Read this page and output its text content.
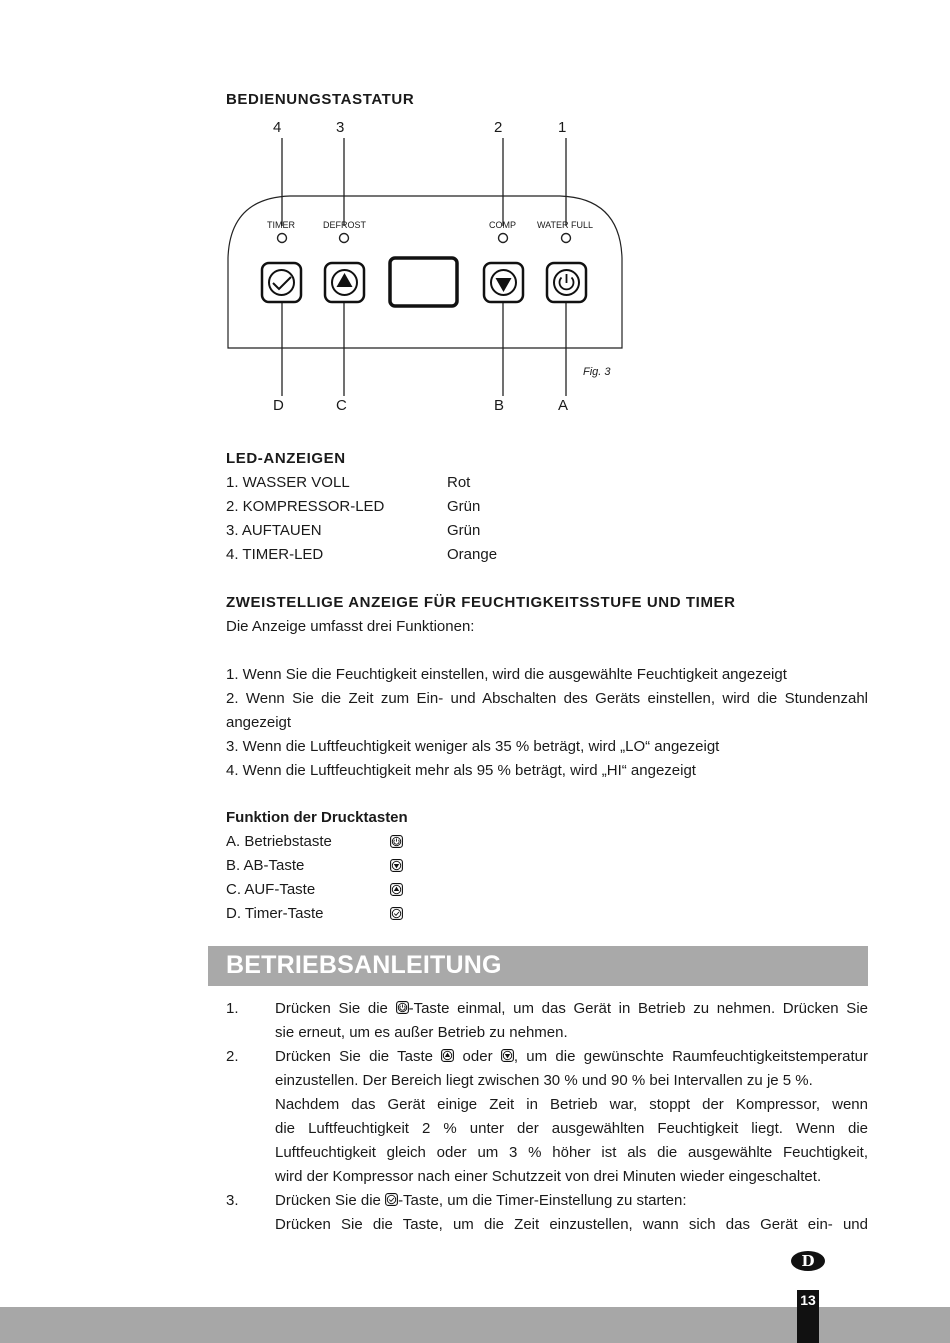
BEDIENUNGSTASTATUR
4	3	2	1
TIMER	DEFROST	COMP WATER FULL
Fig. 3
D	C	B	A
LED-ANZEIGEN
1. WASSER VOLL	Rot
2. KOMPRESSOR-LED	Grün
3. AUFTAUEN	Grün
4. TIMER-LED	Orange
ZWEISTELLIGE ANZEIGE FÜR FEUCHTIGKEITSSTUFE UND TIMER
Die Anzeige umfasst drei Funktionen:
1. Wenn Sie die Feuchtigkeit einstellen, wird die ausgewählte Feuchtigkeit angezeigt
2. Wenn Sie die Zeit zum Ein- und Abschalten des Geräts einstellen, wird die Stundenzahl
angezeigt
3. Wenn die Luftfeuchtigkeit weniger als 35 % beträgt, wird „LO“ angezeigt
4. Wenn die Luftfeuchtigkeit mehr als 95 % beträgt, wird „HI“ angezeigt
Funktion der Drucktasten
A. Betriebstaste
B. AB-Taste
C. AUF-Taste
D. Timer-Taste
BETRIEBSANLEITUNG
1. Drücken Sie die -Taste einmal, um das Gerät in Betrieb zu nehmen. Drücken Sie
sie erneut, um es außer Betrieb zu nehmen.
2. Drücken Sie die Taste  oder , um die gewünschte Raumfeuchtigkeitstemperatur
einzustellen. Der Bereich liegt zwischen 30 % und 90 % bei Intervallen zu je 5 %.
Nachdem das Gerät einige Zeit in Betrieb war, stoppt der Kompressor, wenn
die Luftfeuchtigkeit 2 % unter der ausgewählten Feuchtigkeit liegt. Wenn die
Luftfeuchtigkeit gleich oder um 3 % höher ist als die ausgewählte Feuchtigkeit,
wird der Kompressor nach einer Schutzzeit von drei Minuten wieder eingeschaltet.
3. Drücken Sie die -Taste, um die Timer-Einstellung zu starten:
Drücken Sie die Taste, um die Zeit einzustellen, wann sich das Gerät ein- und
D
13
